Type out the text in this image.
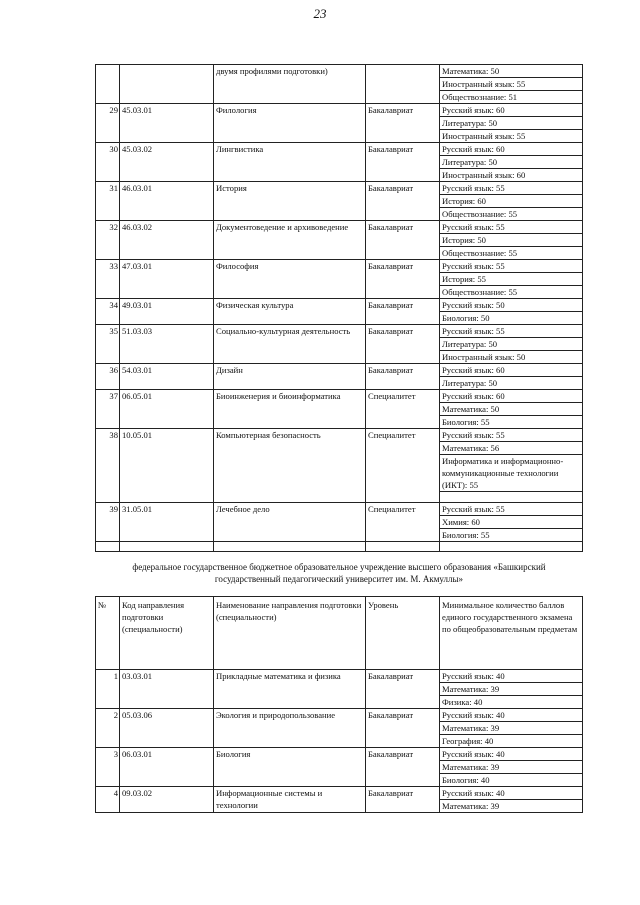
23
		двумя профилями подготовки)		Математика: 50
				Иностранный язык: 55
				Обществознание: 51
29	45.03.01	Филология	Бакалавриат	Русский язык: 60
				Литература: 50
				Иностранный язык: 55
30	45.03.02	Лингвистика	Бакалавриат	Русский язык: 60
				Литература: 50
				Иностранный язык: 60
31	46.03.01	История	Бакалавриат	Русский язык: 55
				История: 60
				Обществознание: 55
32	46.03.02	Документоведение и архивоведение	Бакалавриат	Русский язык: 55
				История: 50
				Обществознание: 55
33	47.03.01	Философия	Бакалавриат	Русский язык: 55
				История: 55
				Обществознание: 55
34	49.03.01	Физическая культура	Бакалавриат	Русский язык: 50
				Биология: 50
35	51.03.03	Социально-культурная деятельность	Бакалавриат	Русский язык: 55
				Литература: 50
				Иностранный язык: 50
36	54.03.01	Дизайн	Бакалавриат	Русский язык: 60
				Литература: 50
37	06.05.01	Биоинженерия и биоинформатика	Специалитет	Русский язык: 60
				Математика: 50
				Биология: 55
38	10.05.01	Компьютерная безопасность	Специалитет	Русский язык: 55
				Математика: 56
				Информатика и информационно-коммуникационные технологии (ИКТ): 55

39	31.05.01	Лечебное дело	Специалитет	Русский язык: 55
				Химия: 60
				Биология: 55

федеральное государственное бюджетное образовательное учреждение высшего образования «Башкирский государственный педагогический университет им. М. Акмуллы»				
№	Код направления подготовки (специальности)	Наименование направления подготовки (специальности)	Уровень	Минимальное количество баллов единого государственного экзамена по общеобразовательным предметам
1	03.03.01	Прикладные математика и физика	Бакалавриат	Русский язык: 40
				Математика: 39
				Физика: 40
2	05.03.06	Экология и природопользование	Бакалавриат	Русский язык: 40
				Математика: 39
				География: 40
3	06.03.01	Биология	Бакалавриат	Русский язык: 40
				Математика: 39
				Биология: 40
4	09.03.02	Информационные системы и технологии	Бакалавриат	Русский язык: 40
				Математика: 39
